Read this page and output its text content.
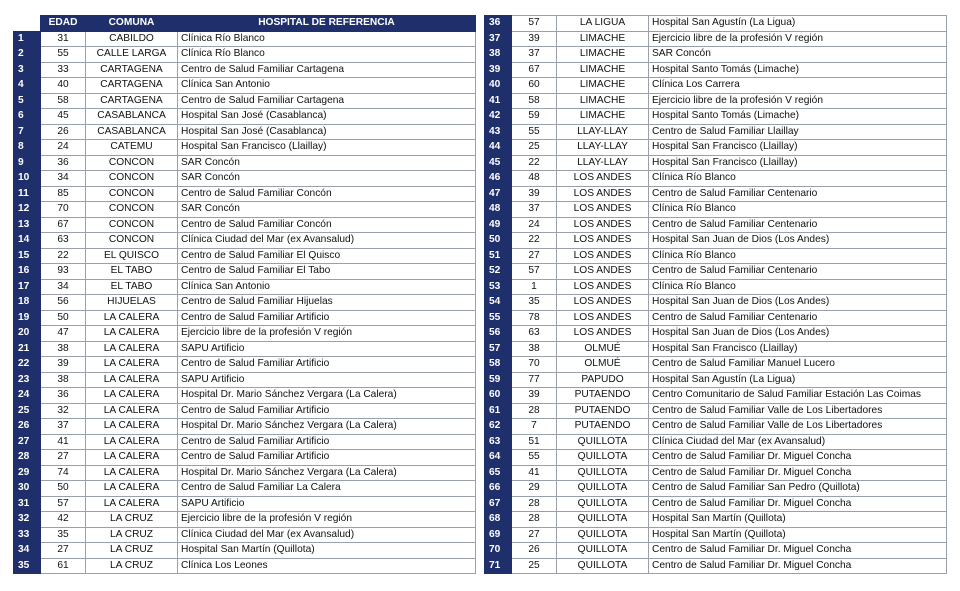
	EDAD	COMUNA	HOSPITAL DE REFERENCIA
1	31	CABILDO	Clínica Río Blanco
2	55	CALLE LARGA	Clínica Río Blanco
3	33	CARTAGENA	Centro de Salud Familiar Cartagena
4	40	CARTAGENA	Clínica San Antonio
5	58	CARTAGENA	Centro de Salud Familiar Cartagena
6	45	CASABLANCA	Hospital San José (Casablanca)
7	26	CASABLANCA	Hospital San José (Casablanca)
8	24	CATEMU	Hospital San Francisco (Llaillay)
9	36	CONCON	SAR Concón
10	34	CONCON	SAR Concón
11	85	CONCON	Centro de Salud Familiar Concón
12	70	CONCON	SAR Concón
13	67	CONCON	Centro de Salud Familiar Concón
14	63	CONCON	Clínica Ciudad del Mar (ex Avansalud)
15	22	EL QUISCO	Centro de Salud Familiar El Quisco
16	93	EL TABO	Centro de Salud Familiar El Tabo
17	34	EL TABO	Clínica San Antonio
18	56	HIJUELAS	Centro de Salud Familiar Hijuelas
19	50	LA CALERA	Centro de Salud Familiar Artificio
20	47	LA CALERA	Ejercicio libre de la profesión V región
21	38	LA CALERA	SAPU Artificio
22	39	LA CALERA	Centro de Salud Familiar Artificio
23	38	LA CALERA	SAPU Artificio
24	36	LA CALERA	Hospital Dr. Mario Sánchez Vergara (La Calera)
25	32	LA CALERA	Centro de Salud Familiar Artificio
26	37	LA CALERA	Hospital Dr. Mario Sánchez Vergara (La Calera)
27	41	LA CALERA	Centro de Salud Familiar Artificio
28	27	LA CALERA	Centro de Salud Familiar Artificio
29	74	LA CALERA	Hospital Dr. Mario Sánchez Vergara (La Calera)
30	50	LA CALERA	Centro de Salud Familiar La Calera
31	57	LA CALERA	SAPU Artificio
32	42	LA CRUZ	Ejercicio libre de la profesión V región
33	35	LA CRUZ	Clínica Ciudad del Mar (ex Avansalud)
34	27	LA CRUZ	Hospital San Martín (Quillota)
35	61	LA CRUZ	Clínica Los Leones
36	57	LA LIGUA	Hospital San Agustín (La Ligua)
37	39	LIMACHE	Ejercicio libre de la profesión V región
38	37	LIMACHE	SAR Concón
39	67	LIMACHE	Hospital Santo Tomás (Limache)
40	60	LIMACHE	Clínica Los Carrera
41	58	LIMACHE	Ejercicio libre de la profesión V región
42	59	LIMACHE	Hospital Santo Tomás (Limache)
43	55	LLAY-LLAY	Centro de Salud Familiar Llaillay
44	25	LLAY-LLAY	Hospital San Francisco (Llaillay)
45	22	LLAY-LLAY	Hospital San Francisco (Llaillay)
46	48	LOS ANDES	Clínica Río Blanco
47	39	LOS ANDES	Centro de Salud Familiar Centenario
48	37	LOS ANDES	Clínica Río Blanco
49	24	LOS ANDES	Centro de Salud Familiar Centenario
50	22	LOS ANDES	Hospital San Juan de Dios (Los Andes)
51	27	LOS ANDES	Clínica Río Blanco
52	57	LOS ANDES	Centro de Salud Familiar Centenario
53	1	LOS ANDES	Clínica Río Blanco
54	35	LOS ANDES	Hospital San Juan de Dios (Los Andes)
55	78	LOS ANDES	Centro de Salud Familiar Centenario
56	63	LOS ANDES	Hospital San Juan de Dios (Los Andes)
57	38	OLMUÉ	Hospital San Francisco (Llaillay)
58	70	OLMUÉ	Centro de Salud Familiar Manuel Lucero
59	77	PAPUDO	Hospital San Agustín (La Ligua)
60	39	PUTAENDO	Centro Comunitario de Salud Familiar Estación Las Coimas
61	28	PUTAENDO	Centro de Salud Familiar Valle de Los Libertadores
62	7	PUTAENDO	Centro de Salud Familiar Valle de Los Libertadores
63	51	QUILLOTA	Clínica Ciudad del Mar (ex Avansalud)
64	55	QUILLOTA	Centro de Salud Familiar Dr. Miguel Concha
65	41	QUILLOTA	Centro de Salud Familiar Dr. Miguel Concha
66	29	QUILLOTA	Centro de Salud Familiar San Pedro (Quillota)
67	28	QUILLOTA	Centro de Salud Familiar Dr. Miguel Concha
68	28	QUILLOTA	Hospital San Martín (Quillota)
69	27	QUILLOTA	Hospital San Martín (Quillota)
70	26	QUILLOTA	Centro de Salud Familiar Dr. Miguel Concha
71	25	QUILLOTA	Centro de Salud Familiar Dr. Miguel Concha
